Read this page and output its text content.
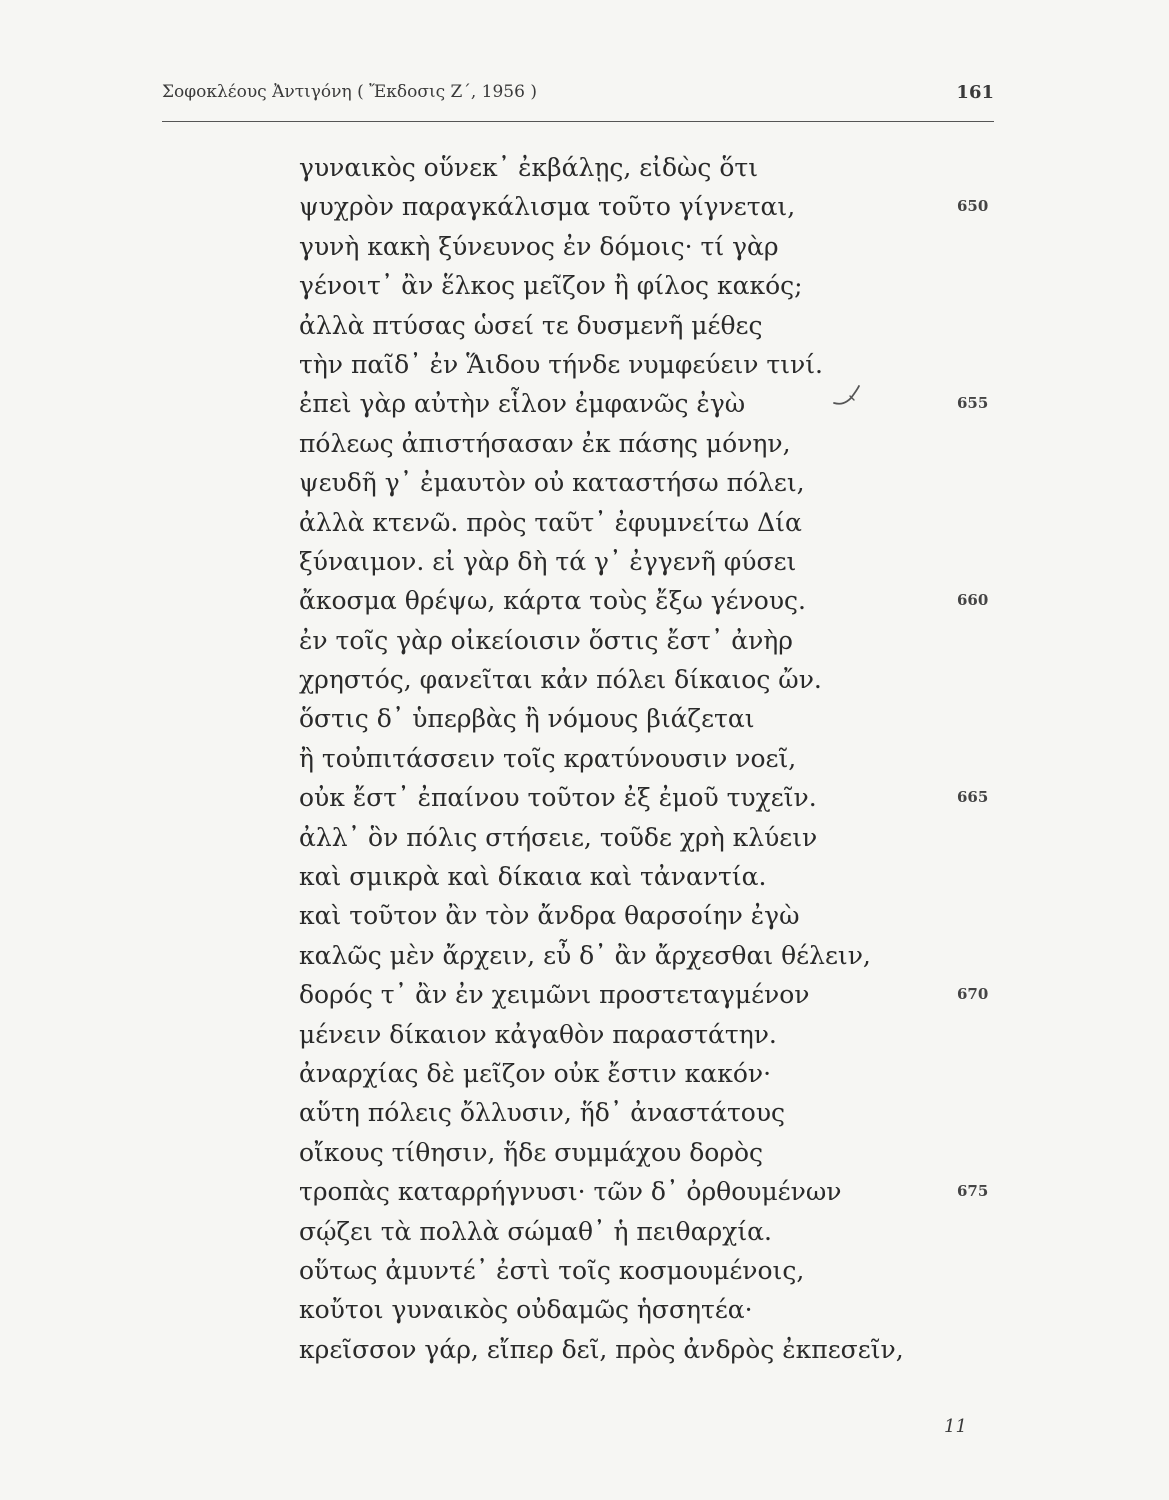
Σοφοκλέους Ἀντιγόνη ( Ἔκδοσις Ζ΄, 1956 )	161
γυναικὸς οὕνεκ᾿ ἐκβάλῃς, εἰδὼς ὅτι
ψυχρὸν παραγκάλισμα τοῦτο γίγνεται,	650
γυνὴ κακὴ ξύνευνος ἐν δόμοις· τί γὰρ
γένοιτ᾿ ἂν ἕλκος μεῖζον ἢ φίλος κακός;
ἀλλὰ πτύσας ὡσεί τε δυσμενῆ μέθες
τὴν παῖδ᾿ ἐν Ἅιδου τήνδε νυμφεύειν τινί.
ἐπεὶ γὰρ αὐτὴν εἷλον ἐμφανῶς ἐγὼ	655
πόλεως ἀπιστήσασαν ἐκ πάσης μόνην,
ψευδῆ γ᾿ ἐμαυτὸν οὐ καταστήσω πόλει,
ἀλλὰ κτενῶ. πρὸς ταῦτ᾿ ἐφυμνείτω Δία
ξύναιμον. εἰ γὰρ δὴ τά γ᾿ ἐγγενῆ φύσει
ἄκοσμα θρέψω, κάρτα τοὺς ἔξω γένους.	660
ἐν τοῖς γὰρ οἰκείοισιν ὅστις ἔστ᾿ ἀνὴρ
χρηστός, φανεῖται κἀν πόλει δίκαιος ὤν.
ὅστις δ᾿ ὑπερβὰς ἢ νόμους βιάζεται
ἢ τοὐπιτάσσειν τοῖς κρατύνουσιν νοεῖ,
οὐκ ἔστ᾿ ἐπαίνου τοῦτον ἐξ ἐμοῦ τυχεῖν.	665
ἀλλ᾿ ὃν πόλις στήσειε, τοῦδε χρὴ κλύειν
καὶ σμικρὰ καὶ δίκαια καὶ τἀναντία.
καὶ τοῦτον ἂν τὸν ἄνδρα θαρσοίην ἐγὼ
καλῶς μὲν ἄρχειν, εὖ δ᾿ ἂν ἄρχεσθαι θέλειν,
δορός τ᾿ ἂν ἐν χειμῶνι προστεταγμένον	670
μένειν δίκαιον κἀγαθὸν παραστάτην.
ἀναρχίας δὲ μεῖζον οὐκ ἔστιν κακόν·
αὕτη πόλεις ὄλλυσιν, ἥδ᾿ ἀναστάτους
οἴκους τίθησιν, ἥδε συμμάχου δορὸς
τροπὰς καταρρήγνυσι· τῶν δ᾿ ὀρθουμένων	675
σῴζει τὰ πολλὰ σώμαθ᾿ ἡ πειθαρχία.
οὕτως ἀμυντέ᾿ ἐστὶ τοῖς κοσμουμένοις,
κοὔτοι γυναικὸς οὐδαμῶς ἡσσητέα·
κρεῖσσον γάρ, εἴπερ δεῖ, πρὸς ἀνδρὸς ἐκπεσεῖν,
11
